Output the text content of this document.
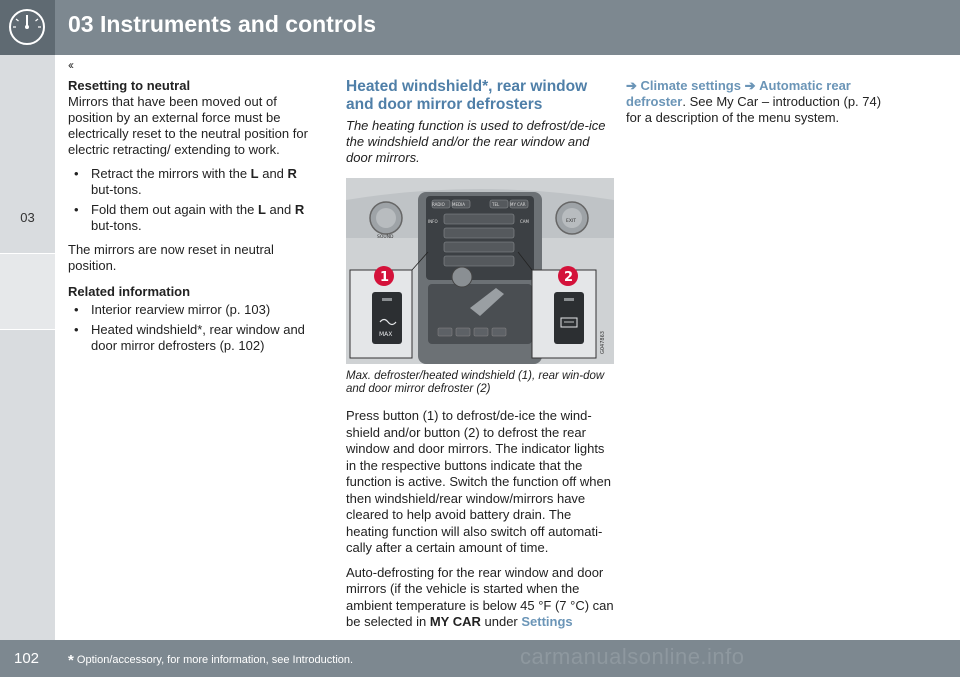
03 Instruments and controls
03
‹‹
Resetting to neutral

Mirrors that have been moved out of position by an external force must be electrically reset to the neutral position for electric retracting/ extending to work.

• Retract the mirrors with the L and R but-tons.
• Fold them out again with the L and R but-tons.

The mirrors are now reset in neutral position.

Related information
• Interior rearview mirror (p. 103)
• Heated windshield*, rear window and door mirror defrosters (p. 102)
Heated windshield*, rear window and door mirror defrosters

The heating function is used to defrost/de-ice the windshield and/or the rear window and door mirrors.

RADIO MEDIA	TEL	MY CAR
INFO	CAM
SOUND
EXIT
MAX
1	2
G047863

Max. defroster/heated windshield (1), rear win-dow and door mirror defroster (2)

Press button (1) to defrost/de-ice the wind-shield and/or button (2) to defrost the rear window and door mirrors. The indicator lights in the respective buttons indicate that the function is active. Switch the function off when then windshield/rear window/mirrors have cleared to help avoid battery drain. The heating function will also switch off automati-cally after a certain amount of time.

Auto-defrosting for the rear window and door mirrors (if the vehicle is started when the ambient temperature is below 45 °F (7 °C) can be selected in MY CAR under Settings

➔ Climate settings ➔ Automatic rear defroster. See My Car – introduction (p. 74) for a description of the menu system.

102 * Option/accessory, for more information, see Introduction.	carmanualsonline.info
